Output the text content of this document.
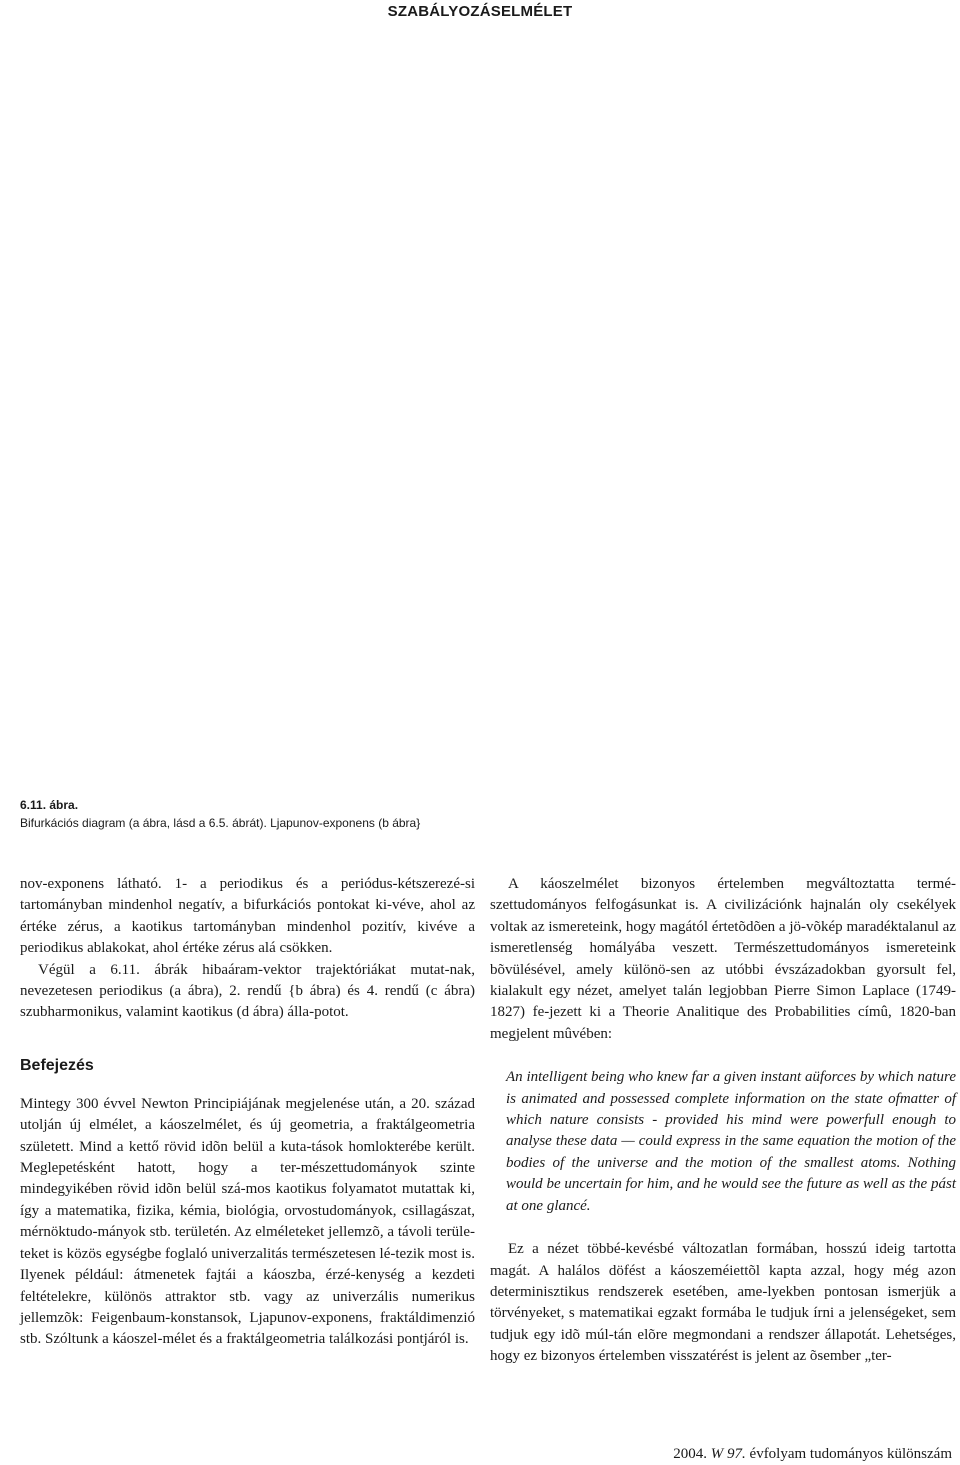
SZABÁLYOZÁSELMÉLET
6.11. ábra.
Bifurkációs diagram (a ábra, lásd a 6.5. ábrát). Ljapunov-exponens (b ábra}

nov-exponens látható. 1- a periodikus és a periódus-kétszerezé-si tartományban mindenhol negatív, a bifurkációs pontokat ki-véve, ahol az értéke zérus, a kaotikus tartományban mindenhol pozitív, kivéve a periodikus ablakokat, ahol értéke zérus alá csökken.

Végül a 6.11. ábrák hibaáram-vektor trajektóriákat mutat-nak, nevezetesen periodikus (a ábra), 2. rendű {b ábra) és 4. rendű (c ábra) szubharmonikus, valamint kaotikus (d ábra) álla-potot.

Befejezés

Mintegy 300 évvel Newton Principiájának megjelenése után, a 20. század utolján új elmélet, a káoszelmélet, és új geometria, a fraktálgeometria született. Mind a kettő rövid idõn belül a kuta-tások homlokterébe került. Meglepetésként hatott, hogy a ter-mészettudományok szinte mindegyikében rövid idõn belül szá-mos kaotikus folyamatot mutattak ki, így a matematika, fizika, kémia, biológia, orvostudományok, csillagászat, mérnöktudo-mányok stb. területén. Az elméleteket jellemzõ, a távoli terüle-teket is közös egységbe foglaló univerzalitás természetesen lé-tezik most is. Ilyenek például: átmenetek fajtái a káoszba, érzé-kenység a kezdeti feltételekre, különös attraktor stb. vagy az univerzális numerikus jellemzõk: Feigenbaum-konstansok, Ljapunov-exponens, fraktáldimenzió stb. Szóltunk a káoszel-mélet és a fraktálgeometria találkozási pontjáról is.

A káoszelmélet bizonyos értelemben megváltoztatta termé-szettudományos felfogásunkat is. A civilizációnk hajnalán oly csekélyek voltak az ismereteink, hogy magától értetõdõen a jö-võkép maradéktalanul az ismeretlenség homályába veszett. Természettudományos ismereteink bõvülésével, amely különö-sen az utóbbi évszázadokban gyorsult fel, kialakult egy nézet, amelyet talán legjobban Pierre Simon Laplace (1749-1827) fe-jezett ki a Theorie Analitique des Probabilities címû, 1820-ban megjelent mûvében:

An intelligent being who knew far a given instant aüforces by which nature is animated and possessed complete information on the state ofmatter of which nature consists - provided his mind were powerfull enough to analyse these data — could express in the same equation the motion of the bodies of the universe and the motion of the smallest atoms. Nothing would be uncertain for him, and he would see the future as well as the pást at one glancé.

Ez a nézet többé-kevésbé változatlan formában, hosszú ideig tartotta magát. A halálos döfést a káoszeméiettõl kapta azzal, hogy még azon determinisztikus rendszerek esetében, ame-lyekben pontosan ismerjük a törvényeket, s matematikai egzakt formába le tudjuk írni a jelenségeket, sem tudjuk egy idõ múl-tán elõre megmondani a rendszer állapotát. Lehetséges, hogy ez bizonyos értelemben visszatérést is jelent az õsember „ter-

2004. W 97. évfolyam tudományos különszám
